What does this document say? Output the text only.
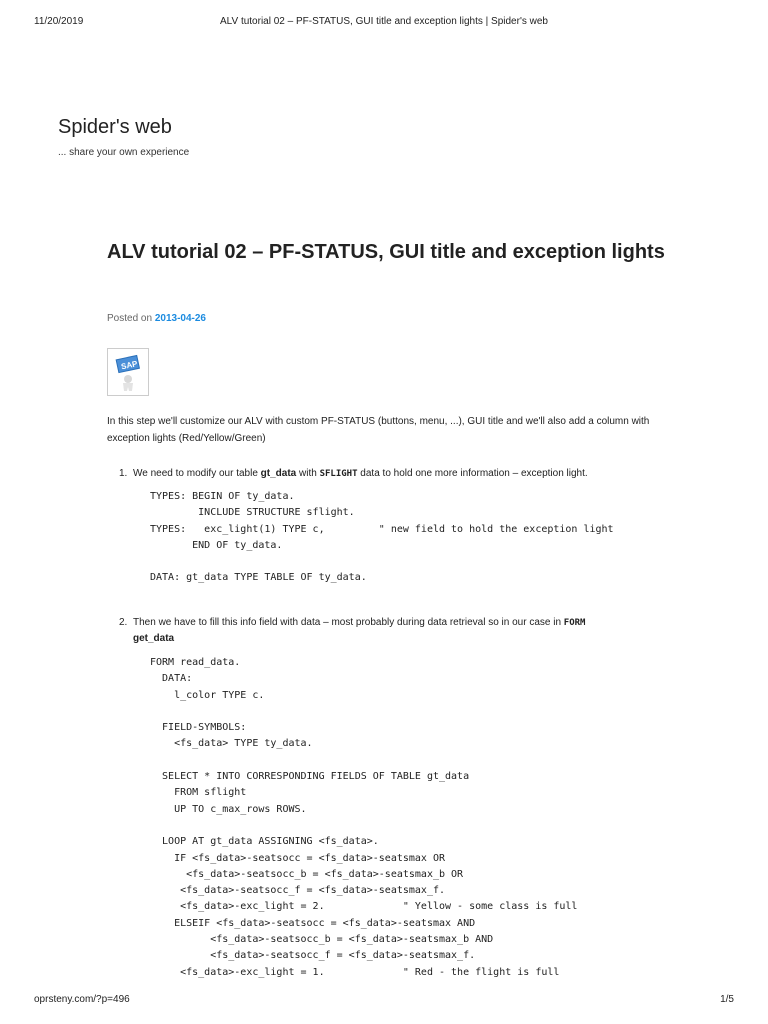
11/20/2019	ALV tutorial 02 – PF-STATUS, GUI title and exception lights | Spider's web
Spider's web
... share your own experience
ALV tutorial 02 – PF-STATUS, GUI title and exception lights
Posted on 2013-04-26
SAP
In this step we'll customize our ALV with custom PF-STATUS (buttons, menu, ...), GUI title and we'll also add a column with exception lights (Red/Yellow/Green)
1. We need to modify our table gt_data with SFLIGHT data to hold one more information – exception light.
TYPES: BEGIN OF ty_data.
INCLUDE STRUCTURE sflight.
TYPES:   exc_light(1) TYPE c,         " new field to hold the exception light
END OF ty_data.

DATA: gt_data TYPE TABLE OF ty_data.
2. Then we have to fill this info field with data – most probably during data retrieval so in our case in FORM
get_data
FORM read_data.
DATA:
l_color TYPE c.

FIELD-SYMBOLS:
<fs_data> TYPE ty_data.

SELECT * INTO CORRESPONDING FIELDS OF TABLE gt_data
FROM sflight
UP TO c_max_rows ROWS.

LOOP AT gt_data ASSIGNING <fs_data>.
IF <fs_data>-seatsocc = <fs_data>-seatsmax OR
<fs_data>-seatsocc_b = <fs_data>-seatsmax_b OR
<fs_data>-seatsocc_f = <fs_data>-seatsmax_f.
<fs_data>-exc_light = 2.             " Yellow - some class is full
ELSEIF <fs_data>-seatsocc = <fs_data>-seatsmax AND
<fs_data>-seatsocc_b = <fs_data>-seatsmax_b AND
<fs_data>-seatsocc_f = <fs_data>-seatsmax_f.
<fs_data>-exc_light = 1.             " Red - the flight is full
oprsteny.com/?p=496	1/5
